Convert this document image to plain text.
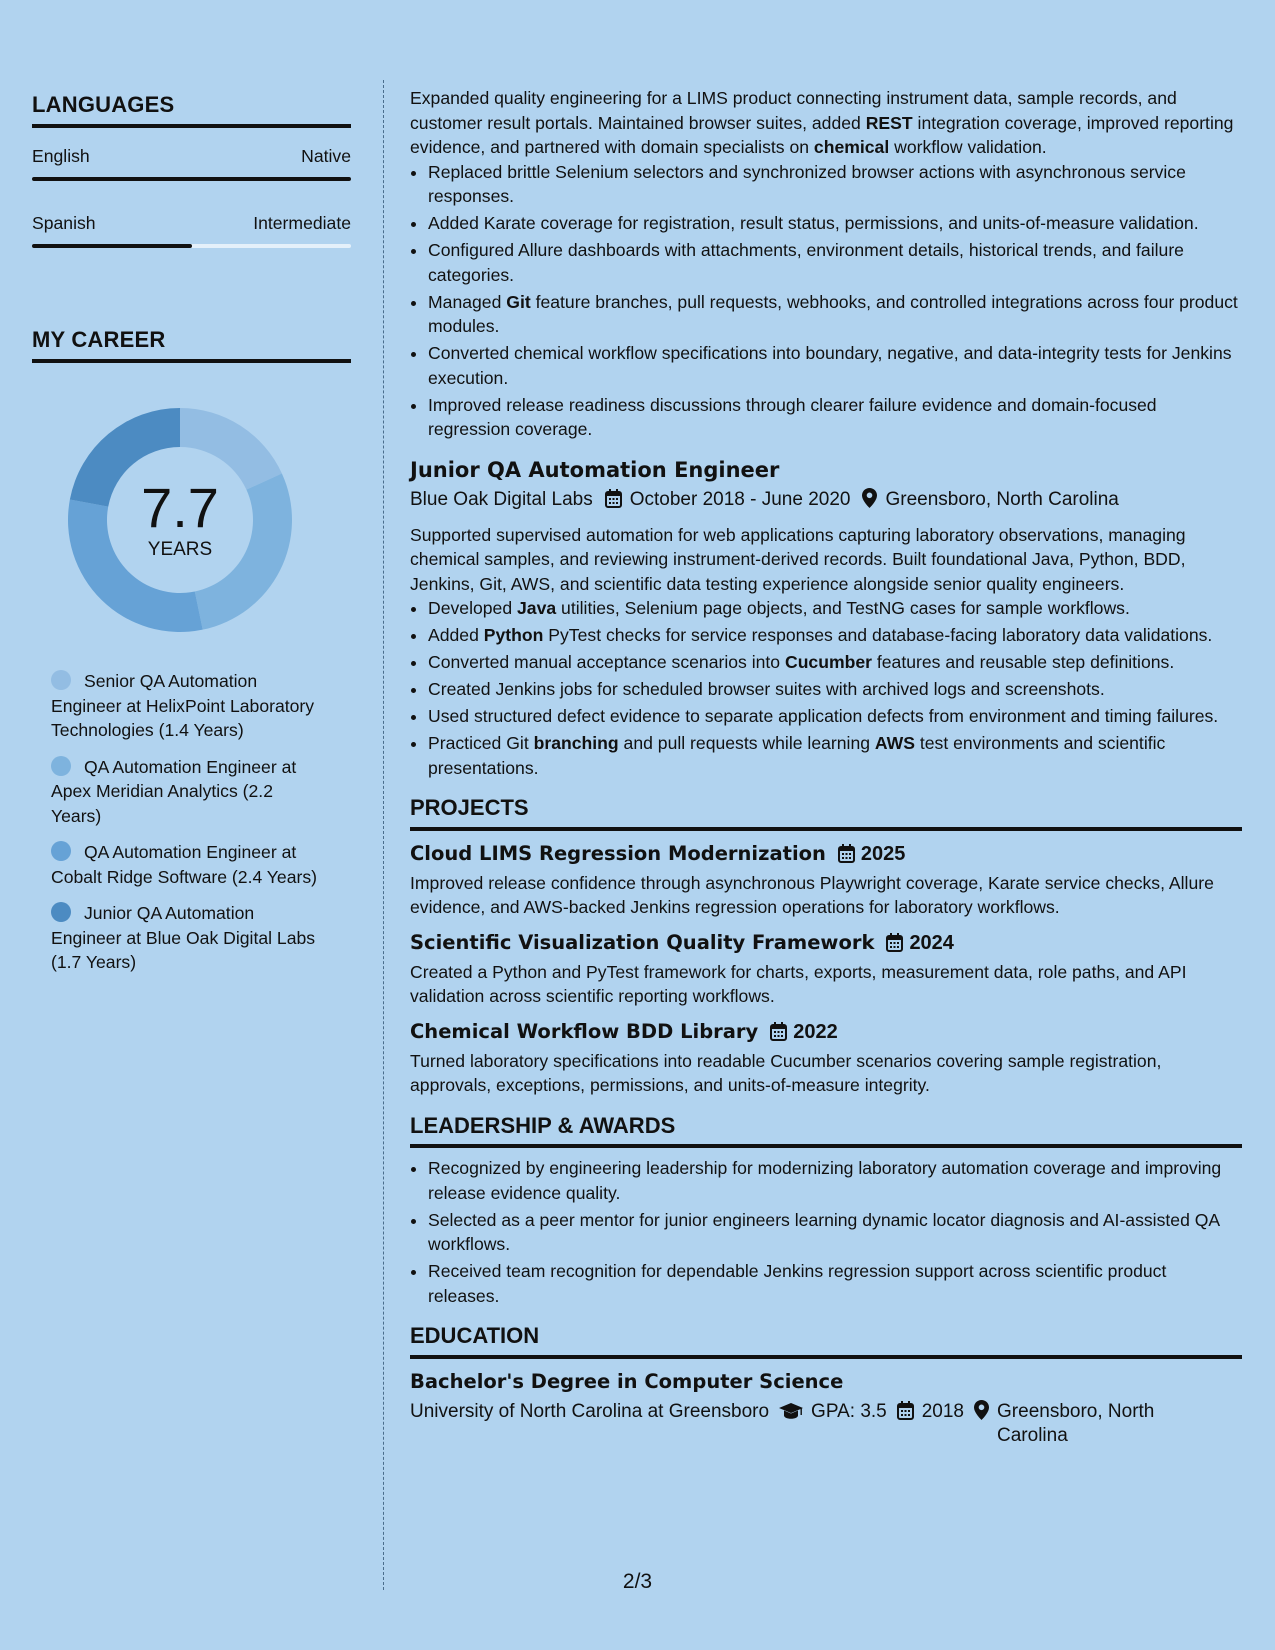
LANGUAGES
English	Native
Spanish	Intermediate
MY CAREER
7.7
YEARS
Senior QA Automation Engineer at HelixPoint Laboratory Technologies (1.4 Years)
QA Automation Engineer at Apex Meridian Analytics (2.2 Years)
QA Automation Engineer at Cobalt Ridge Software (2.4 Years)
Junior QA Automation Engineer at Blue Oak Digital Labs (1.7 Years)

Expanded quality engineering for a LIMS product connecting instrument data, sample records, and customer result portals. Maintained browser suites, added REST integration coverage, improved reporting evidence, and partnered with domain specialists on chemical workflow validation.

• Replaced brittle Selenium selectors and synchronized browser actions with asynchronous service responses.
• Added Karate coverage for registration, result status, permissions, and units-of-measure validation.
• Configured Allure dashboards with attachments, environment details, historical trends, and failure categories.
• Managed Git feature branches, pull requests, webhooks, and controlled integrations across four product modules.
• Converted chemical workflow specifications into boundary, negative, and data-integrity tests for Jenkins execution.
• Improved release readiness discussions through clearer failure evidence and domain-focused regression coverage.
Junior QA Automation Engineer
Blue Oak Digital Labs October 2018 - June 2020 Greensboro, North Carolina

Supported supervised automation for web applications capturing laboratory observations, managing chemical samples, and reviewing instrument-derived records. Built foundational Java, Python, BDD, Jenkins, Git, AWS, and scientific data testing experience alongside senior quality engineers.

• Developed Java utilities, Selenium page objects, and TestNG cases for sample workflows.
• Added Python PyTest checks for service responses and database-facing laboratory data validations.
• Converted manual acceptance scenarios into Cucumber features and reusable step definitions.
• Created Jenkins jobs for scheduled browser suites with archived logs and screenshots.
• Used structured defect evidence to separate application defects from environment and timing failures.
• Practiced Git branching and pull requests while learning AWS test environments and scientific presentations.
PROJECTS
Cloud LIMS Regression Modernization 2025

Improved release confidence through asynchronous Playwright coverage, Karate service checks, Allure evidence, and AWS-backed Jenkins regression operations for laboratory workflows.

Scientific Visualization Quality Framework 2024

Created a Python and PyTest framework for charts, exports, measurement data, role paths, and API validation across scientific reporting workflows.

Chemical Workflow BDD Library 2022

Turned laboratory specifications into readable Cucumber scenarios covering sample registration, approvals, exceptions, permissions, and units-of-measure integrity.

LEADERSHIP & AWARDS
• Recognized by engineering leadership for modernizing laboratory automation coverage and improving release evidence quality.
• Selected as a peer mentor for junior engineers learning dynamic locator diagnosis and AI-assisted QA workflows.
• Received team recognition for dependable Jenkins regression support across scientific product releases.
EDUCATION
Bachelor's Degree in Computer Science
University of North Carolina at Greensboro GPA: 3.5 2018 Greensboro, North Carolina
2/3
